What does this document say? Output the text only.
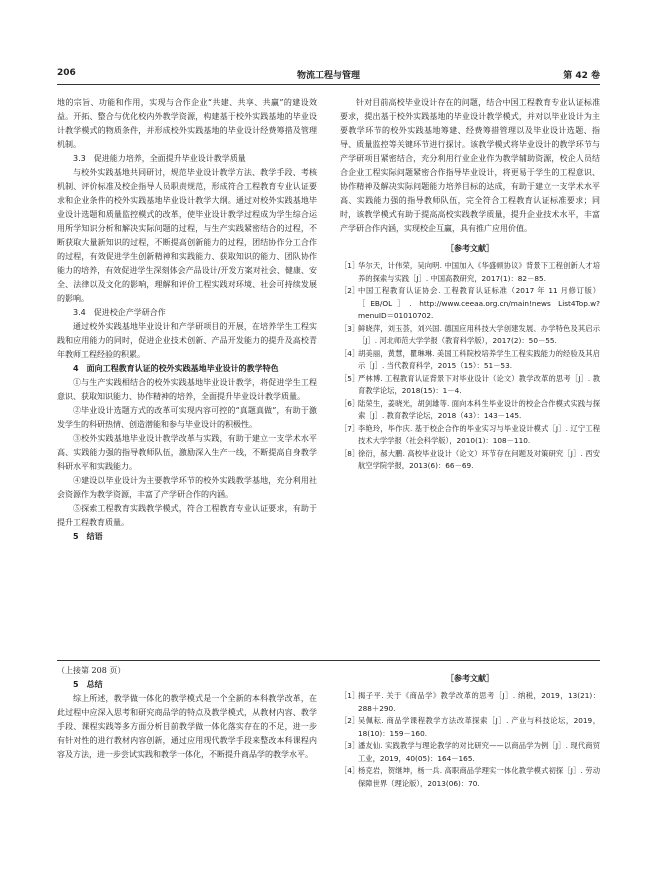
206	物流工程与管理	第 42 卷

地的宗旨、功能和作用，实现与合作企业“共建、共享、共赢”的建设效益。开拓、整合与优化校内外教学资源，构建基于校外实践基地的毕业设计教学模式的物质条件，并形成校外实践基地的毕业设计经费筹措及管理机制。

3.3　促进能力培养，全面提升毕业设计教学质量

与校外实践基地共同研讨，规范毕业设计教学方法、教学手段、考核机制、评价标准及校企指导人员职责规范，形成符合工程教育专业认证要求和企业条件的校外实践基地毕业设计教学大纲。通过对校外实践基地毕业设计选题和质量监控模式的改革，使毕业设计教学过程成为学生综合运用所学知识分析和解决实际问题的过程，与生产实践紧密结合的过程，不断获取大量新知识的过程，不断提高创新能力的过程，团结协作分工合作的过程，有效促进学生创新精神和实践能力、获取知识的能力、团队协作能力的培养，有效促进学生深刻体会产品设计/开发方案对社会、健康、安全、法律以及文化的影响，理解和评价工程实践对环境、社会可持续发展的影响。

3.4　促进校企产学研合作

通过校外实践基地毕业设计和产学研项目的开展，在培养学生工程实践和应用能力的同时，促进企业技术创新、产品开发能力的提升及高校青年教师工程经验的积累。

4　面向工程教育认证的校外实践基地毕业设计的教学特色

①与生产实践相结合的校外实践基地毕业设计教学，将促进学生工程意识、获取知识能力、协作精神的培养，全面提升毕业设计教学质量。

②毕业设计选题方式的改革可实现内容可控的“真题真做”，有助于激发学生的科研热情、创造潜能和参与毕业设计的积极性。

③校外实践基地毕业设计教学改革与实践，有助于建立一支学术水平高、实践能力强的指导教师队伍，激励深入生产一线，不断提高自身教学科研水平和实践能力。

④建设以毕业设计为主要教学环节的校外实践教学基地，充分利用社会资源作为教学资源，丰富了产学研合作的内涵。

⑤探索工程教育实践教学模式，符合工程教育专业认证要求，有助于提升工程教育质量。

5　结语

针对目前高校毕业设计存在的问题，结合中国工程教育专业认证标准要求，提出基于校外实践基地的毕业设计教学模式，并对以毕业设计为主要教学环节的校外实践基地筹建、经费筹措管理以及毕业设计选题、指导、质量监控等关键环节进行探讨。该教学模式将毕业设计的教学环节与产学研项目紧密结合，充分利用行业企业作为教学辅助资源，校企人员结合企业工程实际问题紧密合作指导毕业设计，将更易于学生的工程意识、协作精神及解决实际问题能力培养目标的达成，有助于建立一支学术水平高、实践能力强的指导教师队伍，完全符合工程教育认证标准要求；同时，该教学模式有助于提高高校实践教学质量，提升企业技术水平，丰富产学研合作内涵，实现校企互赢，具有推广应用价值。

［参考文献］
［1］
华尔天，计伟荣，吴向明. 中国加入《华盛顿协议》背景下工程创新人才培养的探索与实践［J］. 中国高教研究，2017(1)：82－85.
［2］
中国工程教育认证协会. 工程教育认证标准（2017 年 11 月修订版）［EB/OL］. http://www.ceeaa.org.cn/main!news List4Top.w? menuID＝01010702.
［3］
鲜晓萍，刘玉荟，刘兴国. 德国应用科技大学创建发展、办学特色及其启示［J］. 河北师范大学学报（教育科学版），2017(2)：50－55.
［4］
胡美丽，黄慧，瞿琳琳. 美国工科院校培养学生工程实践能力的经验及其启示［J］. 当代教育科学，2015（15）：51－53.
［5］
严林博. 工程教育认证背景下对毕业设计（论文）教学改革的思考［J］. 教育教学论坛，2018(15)：1－4.
［6］
陆荣生，姜晓光，胡剑雄等. 面向本科生毕业设计的校企合作模式实践与探索［J］. 教育教学论坛，2018（43）：143－145.
［7］
李艳玲，毕作庆. 基于校企合作的毕业实习与毕业设计模式［J］. 辽宁工程技术大学学报（社会科学版），2010(1)：108－110.
［8］
徐衍，郝大鹏. 高校毕业设计（论文）环节存在问题及对策研究［J］. 西安航空学院学报，2013(6)：66－69.

（上接第 208 页）

5　总结

综上所述，教学做一体化的教学模式是一个全新的本科教学改革，在此过程中应深入思考和研究商品学的特点及教学模式，从教材内容、教学手段、课程实践等多方面分析目前教学做一体化落实存在的不足，进一步有针对性的进行教材内容创新，通过应用现代教学手段来整改本科课程内容及方法，进一步尝试实践和教学一体化，不断提升商品学的教学水平。

［参考文献］
［1］
揭子平. 关于《商品学》教学改革的思考［J］. 纳税，2019，13(21)：288＋290.
［2］
吴佩耘. 商品学课程教学方法改革探索［J］. 产业与科技论坛，2019，18(10)：159－160.
［3］
潘友仙. 实践教学与理论教学的对比研究——以商品学为例［J］. 现代商贸工业，2019，40(05)：164－165.
［4］
杨克岩，贺继坤，杨一兵. 高职商品学理实一体化教学模式初探［J］. 劳动保障世界（理论版），2013(06)：70.
